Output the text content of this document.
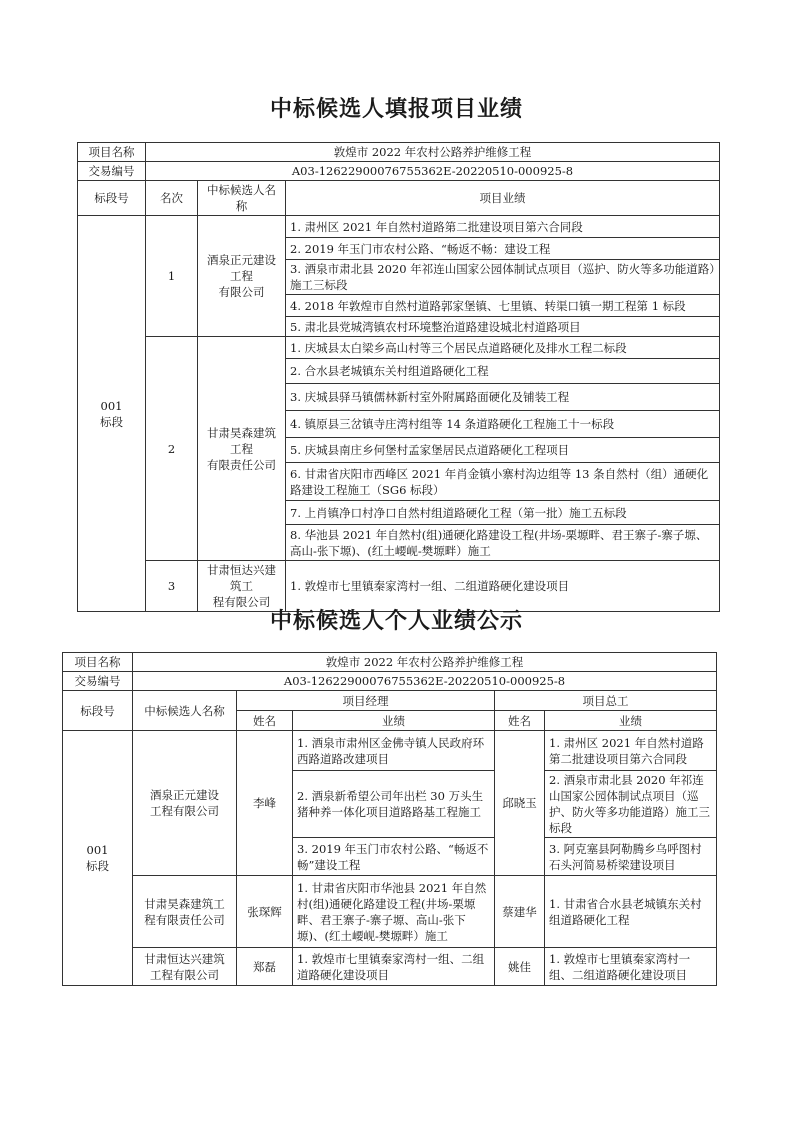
中标候选人填报项目业绩
项目名称	敦煌市 2022 年农村公路养护维修工程		
交易编号	A03-12622900076755362E-20220510-000925-8		
标段号	名次	中标候选人名称	项目业绩
001
标段	1	酒泉正元建设工程
有限公司	1. 肃州区 2021 年自然村道路第二批建设项目第六合同段
			2. 2019 年玉门市农村公路、“畅返不畅：建设工程
			3. 酒泉市肃北县 2020 年祁连山国家公园体制试点项目（巡护、防火等多功能道路）施工三标段
			4. 2018 年敦煌市自然村道路郭家堡镇、七里镇、转渠口镇一期工程第 1 标段
			5. 肃北县党城湾镇农村环境整治道路建设城北村道路项目
	2	甘肃昊森建筑工程
有限责任公司	1. 庆城县太白梁乡高山村等三个居民点道路硬化及排水工程二标段
			2. 合水县老城镇东关村组道路硬化工程
			3. 庆城县驿马镇儒林新村室外附属路面硬化及铺装工程
			4. 镇原县三岔镇寺庄湾村组等 14 条道路硬化工程施工十一标段
			5. 庆城县南庄乡何堡村孟家堡居民点道路硬化工程项目
			6. 甘肃省庆阳市西峰区 2021 年肖金镇小寨村沟边组等 13 条自然村（组）通硬化路建设工程施工（SG6 标段）
			7. 上肖镇净口村净口自然村组道路硬化工程（第一批）施工五标段
			8. 华池县 2021 年自然村(组)通硬化路建设工程(井场-栗塬畔、君王寨子-寨子塬、高山-张下塬)、(红土崾岘-樊塬畔）施工
	3	甘肃恒达兴建筑工
程有限公司	1. 敦煌市七里镇秦家湾村一组、二组道路硬化建设项目
中标候选人个人业绩公示
项目名称	敦煌市 2022 年农村公路养护维修工程				
交易编号	A03-12622900076755362E-20220510-000925-8				
标段号	中标候选人名称	项目经理		项目总工	
		姓名	业绩	姓名	业绩
001
标段	酒泉正元建设
工程有限公司	李峰	1. 酒泉市肃州区金佛寺镇人民政府环西路道路改建项目	邱晓玉	1. 肃州区 2021 年自然村道路第二批建设项目第六合同段
			2. 酒泉新希望公司年出栏 30 万头生猪种养一体化项目道路路基工程施工		2. 酒泉市肃北县 2020 年祁连山国家公园体制试点项目（巡护、防火等多功能道路）施工三标段
			3. 2019 年玉门市农村公路、“畅返不畅”建设工程		3. 阿克塞县阿勒腾乡乌呼图村石头河简易桥梁建设项目
	甘肃昊森建筑工
程有限责任公司	张琛辉	1. 甘肃省庆阳市华池县 2021 年自然村(组)通硬化路建设工程(井场-栗塬畔、君王寨子-寨子塬、高山-张下塬)、(红土崾岘-樊塬畔）施工	蔡建华	1. 甘肃省合水县老城镇东关村组道路硬化工程
	甘肃恒达兴建筑
工程有限公司	郑磊	1. 敦煌市七里镇秦家湾村一组、二组道路硬化建设项目	姚佳	1. 敦煌市七里镇秦家湾村一组、二组道路硬化建设项目
